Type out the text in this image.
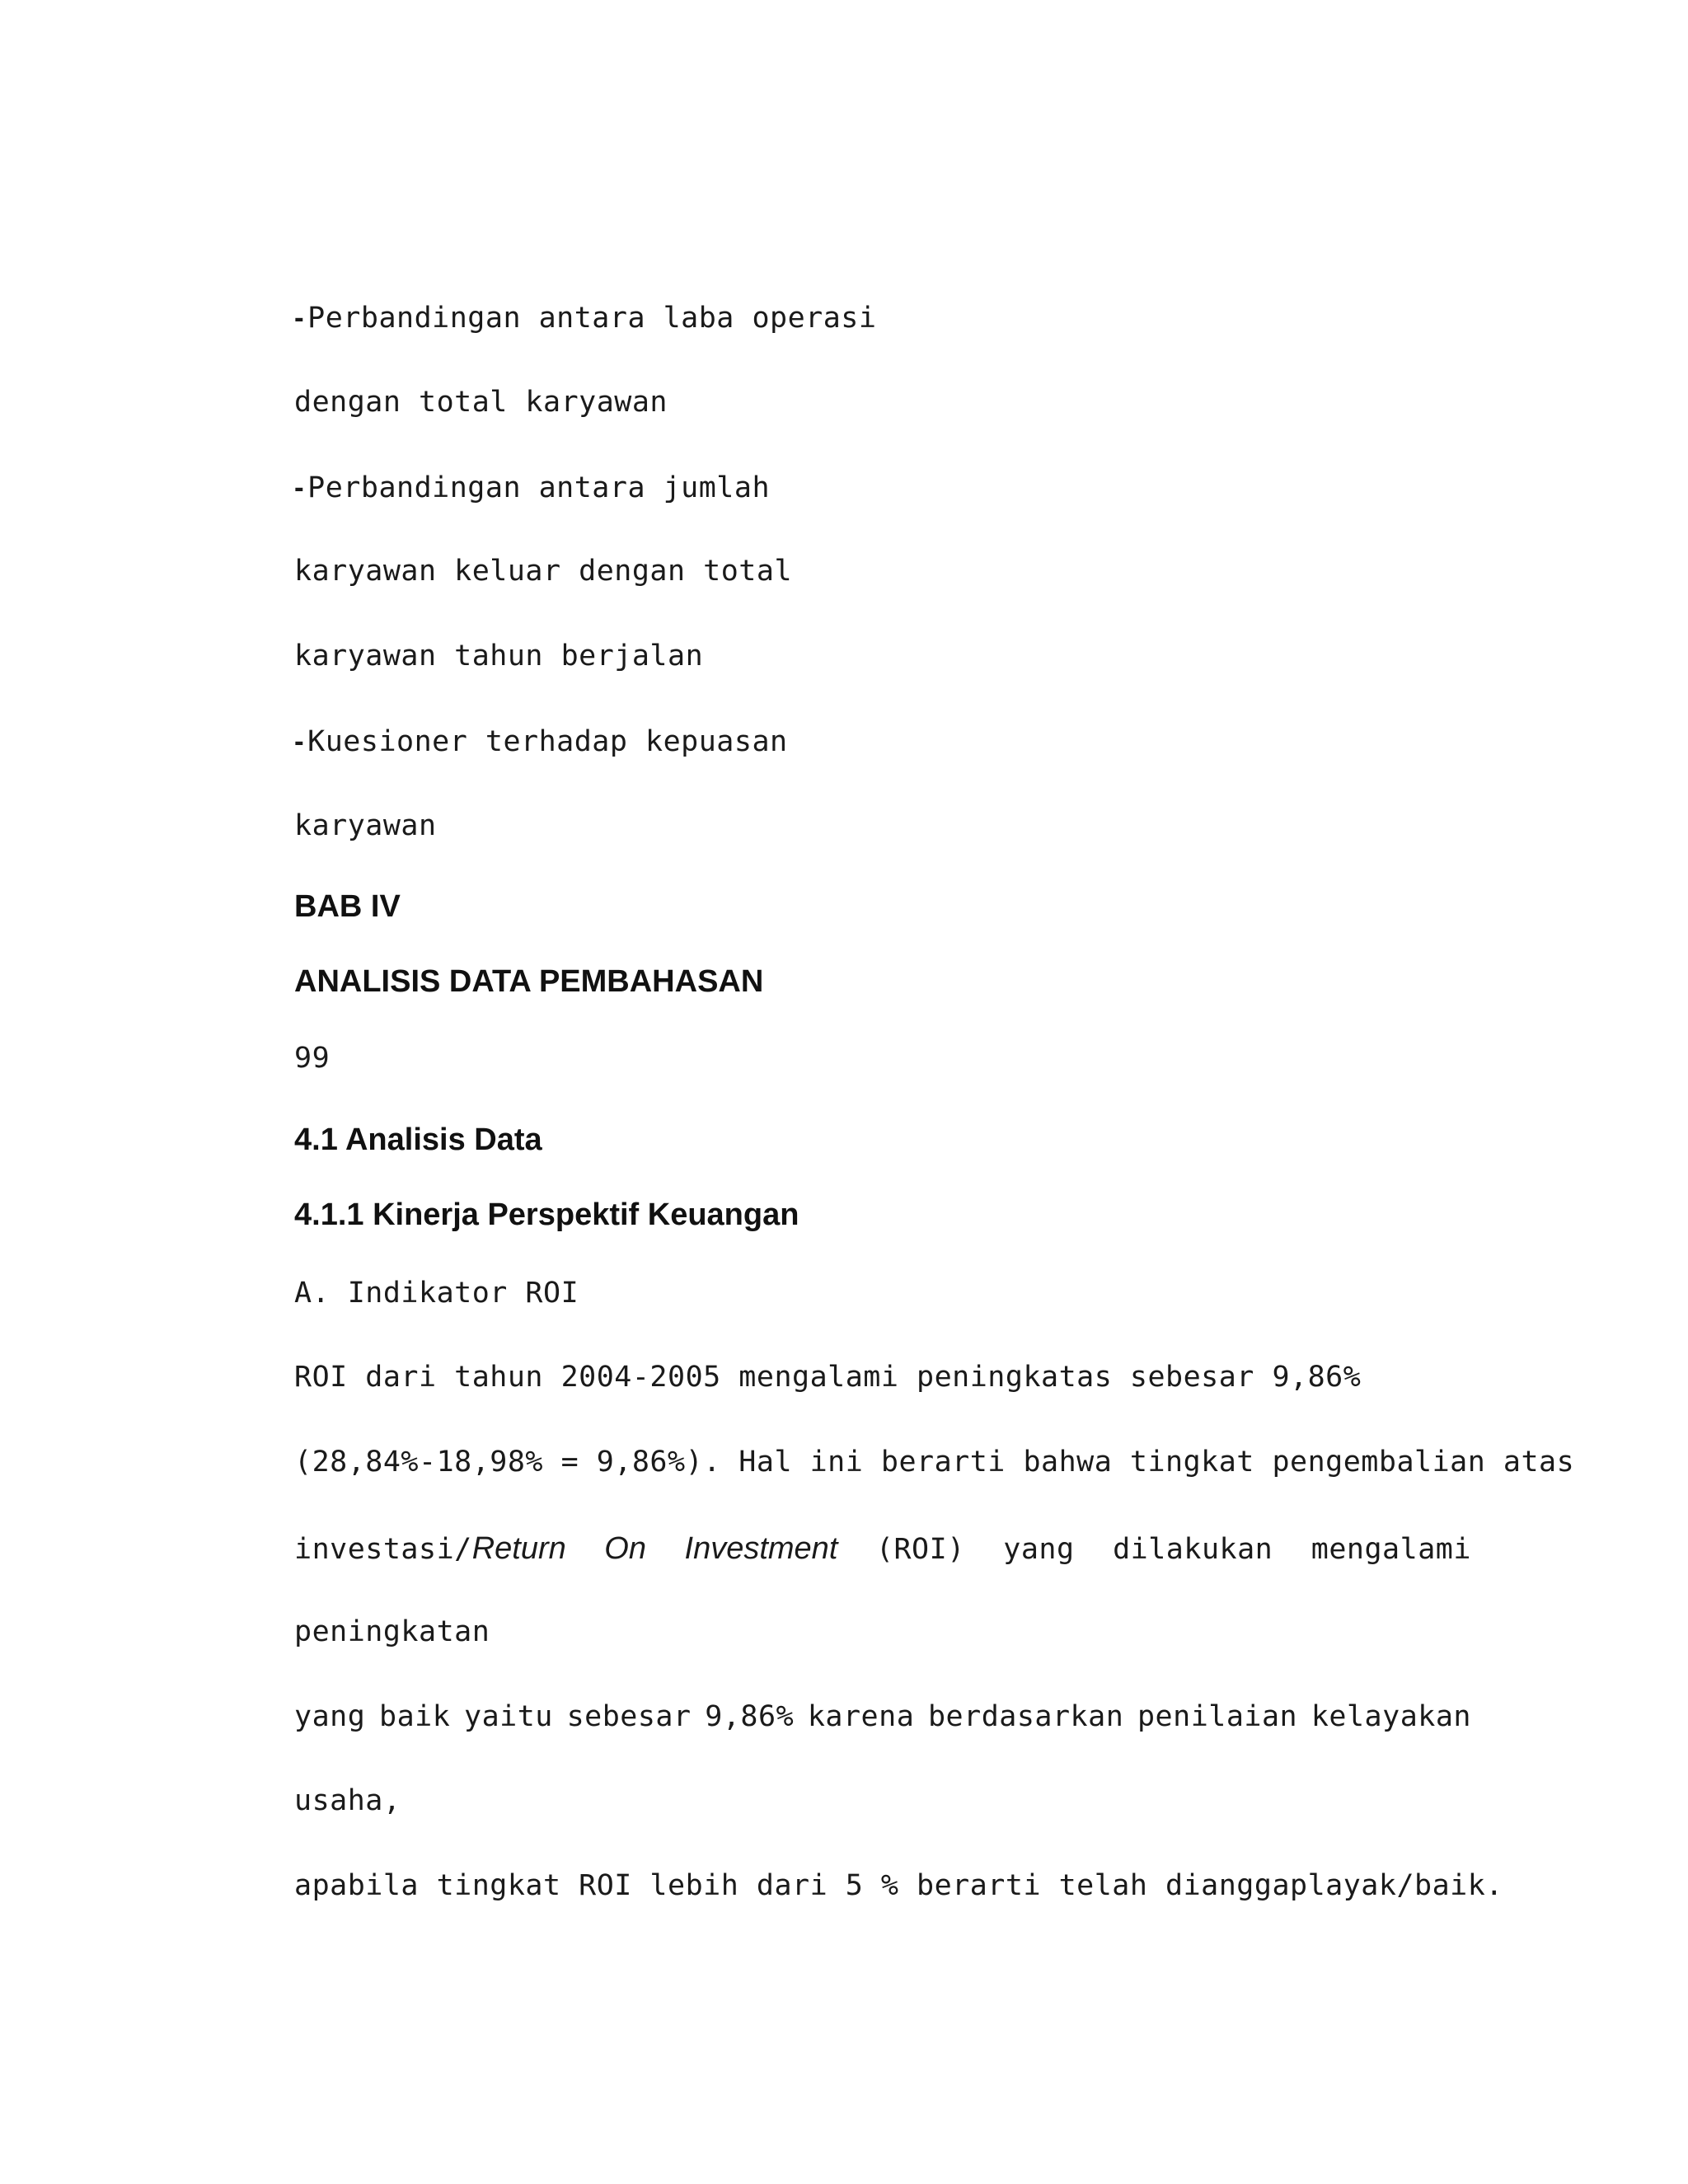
- Perbandingan antara laba operasi
dengan total karyawan
- Perbandingan antara jumlah
karyawan keluar dengan total
karyawan tahun berjalan
- Kuesioner terhadap kepuasan
karyawan
BAB IV
ANALISIS DATA PEMBAHASAN
99
4.1 Analisis Data
4.1.1 Kinerja Perspektif Keuangan
A. Indikator ROI
ROI dari tahun 2004-2005 mengalami peningkatas sebesar 9,86%
(28,84%-18,98% = 9,86%). Hal ini berarti bahwa tingkat pengembalian atas
investasi/ Return On Investment (ROI) yang dilakukan mengalami
peningkatan
yang baik yaitu sebesar 9,86% karena berdasarkan penilaian kelayakan
usaha,
apabila tingkat ROI lebih dari 5 % berarti telah dianggaplayak/baik.
